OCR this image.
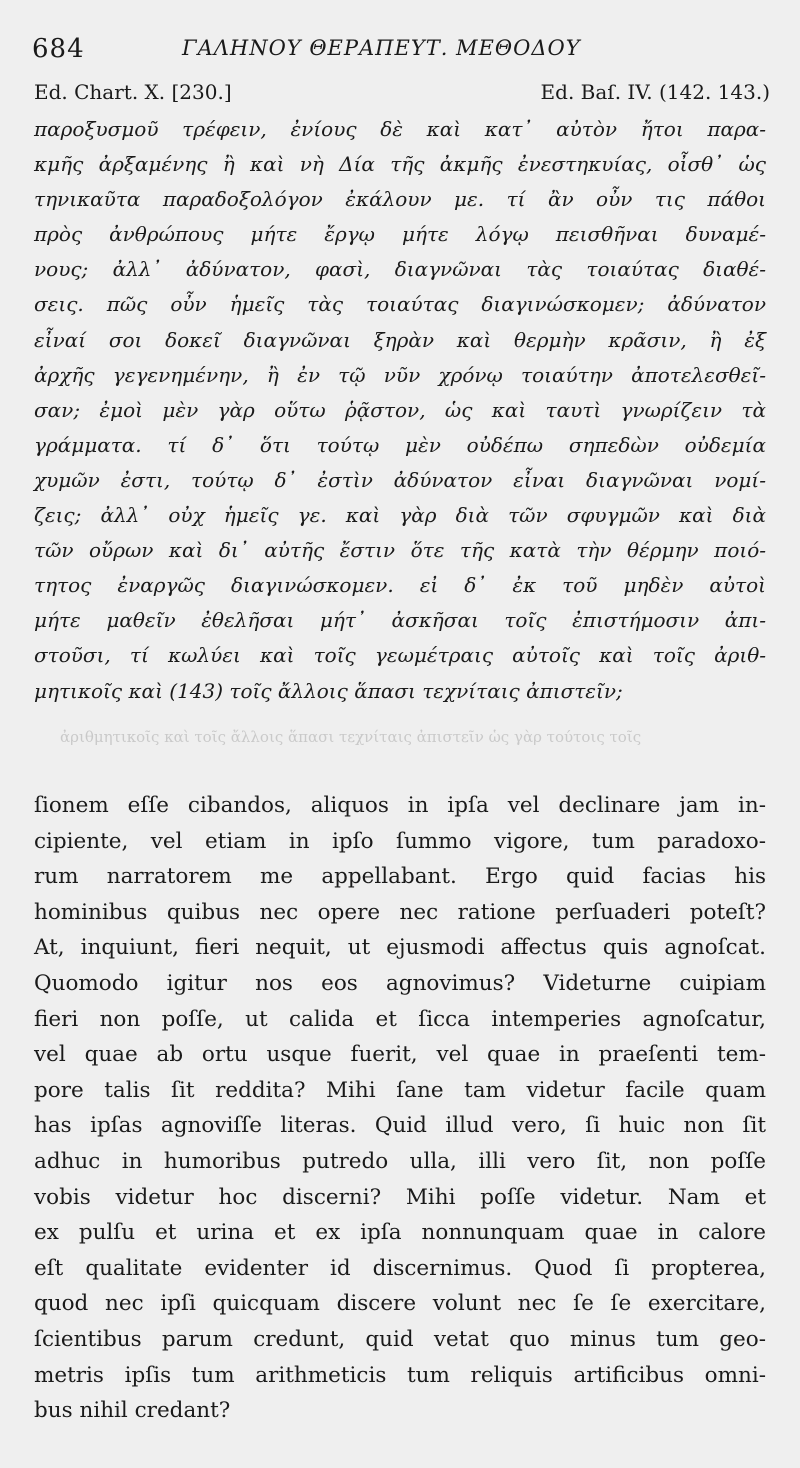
684	ΓΑΛΗΝΟΥ ΘΕΡΑΠΕΥΤ. ΜΕΘΟΔΟΥ
Ed. Chart. X. [230.]	Ed. Baſ. IV. (142. 143.)
παροξυσμοῦ τρέφειν, ἐνίους δὲ καὶ κατ᾽ αὐτὸν ἤτοι παρα-
κμῆς ἀρξαμένης ἢ καὶ νὴ Δία τῆς ἀκμῆς ἐνεστηκυίας, οἶσθ᾽ ὡς
τηνικαῦτα παραδοξολόγον ἐκάλουν με. τί ἂν οὖν τις πάθοι
πρὸς ἀνθρώπους μήτε ἔργῳ μήτε λόγῳ πεισθῆναι δυναμέ-
νους; ἀλλ᾽ ἀδύνατον, φασὶ, διαγνῶναι τὰς τοιαύτας διαθέ-
σεις. πῶς οὖν ἡμεῖς τὰς τοιαύτας διαγινώσκομεν; ἀδύνατον
εἶναί σοι δοκεῖ διαγνῶναι ξηρὰν καὶ θερμὴν κρᾶσιν, ἢ ἐξ
ἀρχῆς γεγενημένην, ἢ ἐν τῷ νῦν χρόνῳ τοιαύτην ἀποτελεσθεῖ-
σαν; ἐμοὶ μὲν γὰρ οὕτω ῥᾷστον, ὡς καὶ ταυτὶ γνωρίζειν τὰ
γράμματα. τί δ᾽ ὅτι τούτῳ μὲν οὐδέπω σηπεδὼν οὐδεμία
χυμῶν ἐστι, τούτῳ δ᾽ ἐστὶν ἀδύνατον εἶναι διαγνῶναι νομί-
ζεις; ἀλλ᾽ οὐχ ἡμεῖς γε. καὶ γὰρ διὰ τῶν σφυγμῶν καὶ διὰ
τῶν οὔρων καὶ δι᾽ αὐτῆς ἔστιν ὅτε τῆς κατὰ τὴν θέρμην ποιό-
τητος ἐναργῶς διαγινώσκομεν. εἰ δ᾽ ἐκ τοῦ μηδὲν αὐτοὶ
μήτε μαθεῖν ἐθελῆσαι μήτ᾽ ἀσκῆσαι τοῖς ἐπιστήμοσιν ἀπι-
στοῦσι, τί κωλύει καὶ τοῖς γεωμέτραις αὐτοῖς καὶ τοῖς ἀριθ-
μητικοῖς καὶ (143) τοῖς ἄλλοις ἅπασι τεχνίταις ἀπιστεῖν;
ἀριθμητικοῖς καὶ τοῖς ἄλλοις ἅπασι τεχνίταις ἀπιστεῖν ὡς γὰρ τούτοις τοῖς
ſionem eſſe cibandos, aliquos in ipſa vel declinare jam in-
cipiente, vel etiam in ipſo ſummo vigore, tum paradoxo-
rum narratorem me appellabant. Ergo quid facias his
hominibus quibus nec opere nec ratione perſuaderi poteſt?
At, inquiunt, fieri nequit, ut ejusmodi affectus quis agnoſcat.
Quomodo igitur nos eos agnovimus? Videturne cuipiam
fieri non poſſe, ut calida et ſicca intemperies agnoſcatur,
vel quae ab ortu usque fuerit, vel quae in praeſenti tem-
pore talis ſit reddita? Mihi ſane tam videtur facile quam
has ipſas agnoviſſe literas. Quid illud vero, ſi huic non ſit
adhuc in humoribus putredo ulla, illi vero ſit, non poſſe
vobis videtur hoc discerni? Mihi poſſe videtur. Nam et
ex pulſu et urina et ex ipſa nonnunquam quae in calore
eſt qualitate evidenter id discernimus. Quod ſi propterea,
quod nec ipſi quicquam discere volunt nec ſe ſe exercitare,
ſcientibus parum credunt, quid vetat quo minus tum geo-
metris ipſis tum arithmeticis tum reliquis artificibus omni-
bus nihil credant?
